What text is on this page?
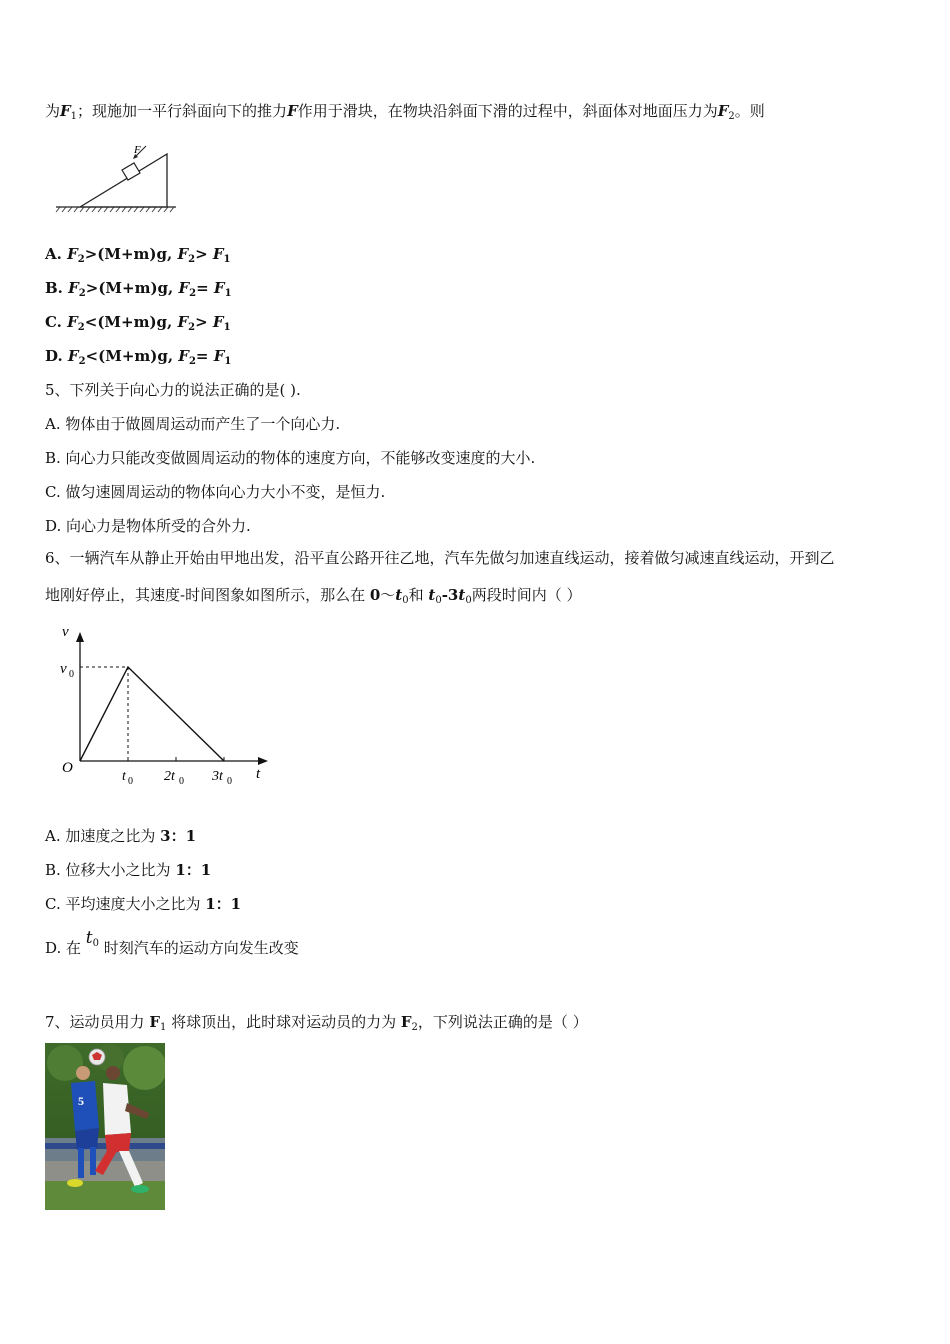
为$F_1$；现施加一平行斜面向下的推力F作用于滑块，在物块沿斜面下滑的过程中，斜面体对地面压力为$F_2$。则
F
A. $F_2>(M+m)g$, $F_2> F_1$
B. $F_2>(M+m)g$, $F_2= F_1$
C. $F_2<(M+m)g$, $F_2> F_1$
D. $F_2<(M+m)g$, $F_2= F_1$
5、下列关于向心力的说法正确的是( ).
A. 物体由于做圆周运动而产生了一个向心力.
B. 向心力只能改变做圆周运动的物体的速度方向，不能够改变速度的大小.
C. 做匀速圆周运动的物体向心力大小不变，是恒力.
D. 向心力是物体所受的合外力.
6、一辆汽车从静止开始由甲地出发，沿平直公路开往乙地，汽车先做匀加速直线运动，接着做匀减速直线运动，开到乙
地刚好停止，其速度-时间图象如图所示，那么在 $0\sim t_0$和 $t_0-3t_0$两段时间内（ ）
v
t
O
v 0
t 0 2t 0 3t 0
A. 加速度之比为 3：1
B. 位移大小之比为 1：1
C. 平均速度大小之比为 1：1
D. 在 $t_0$ 时刻汽车的运动方向发生改变
7、运动员用力 $F_1$ 将球顶出，此时球对运动员的力为 $F_2$，下列说法正确的是（ ）
5
